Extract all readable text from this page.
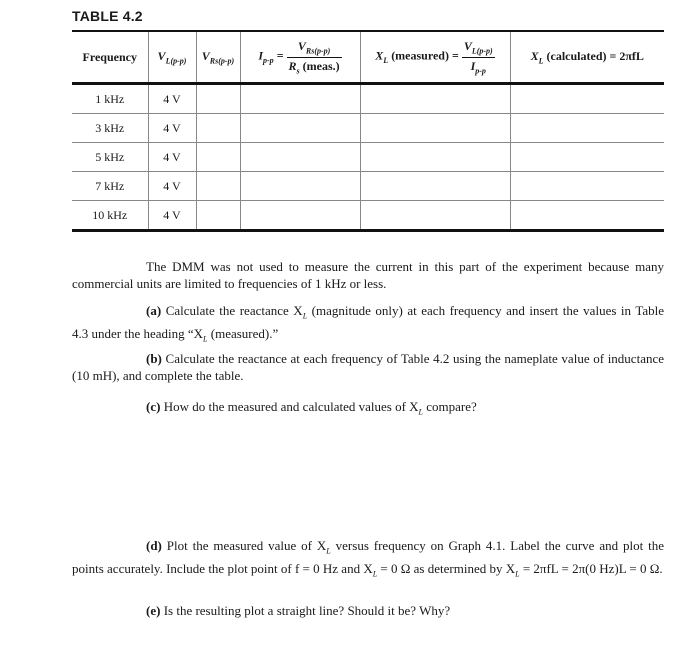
TABLE 4.2
Frequency	$V_{L(p-p)}$	$V_{Rs(p-p)}$	$I_{p-p} = \frac{V_{Rs(p-p)}}{R_s (meas.)}$	$X_L$ (measured) = $\frac{V_{L(p-p)}}{I_{p-p}}$	$X_L$ (calculated) = 2πfL
1 kHz	4 V				
3 kHz	4 V				
5 kHz	4 V				
7 kHz	4 V				
10 kHz	4 V				
The DMM was not used to measure the current in this part of the experiment because many commercial units are limited to frequencies of 1 kHz or less.
(a) Calculate the reactance $X_L$ (magnitude only) at each frequency and insert the values in Table 4.3 under the heading “$X_L$ (measured).”
(b) Calculate the reactance at each frequency of Table 4.2 using the nameplate value of inductance (10 mH), and complete the table.
(c) How do the measured and calculated values of $X_L$ compare?
(d) Plot the measured value of $X_L$ versus frequency on Graph 4.1. Label the curve and plot the points accurately. Include the plot point of f = 0 Hz and $X_L = 0$ Ω as determined by $X_L = 2\pi fL = 2\pi(0$ Hz)L = 0 Ω.
(e) Is the resulting plot a straight line? Should it be? Why?
